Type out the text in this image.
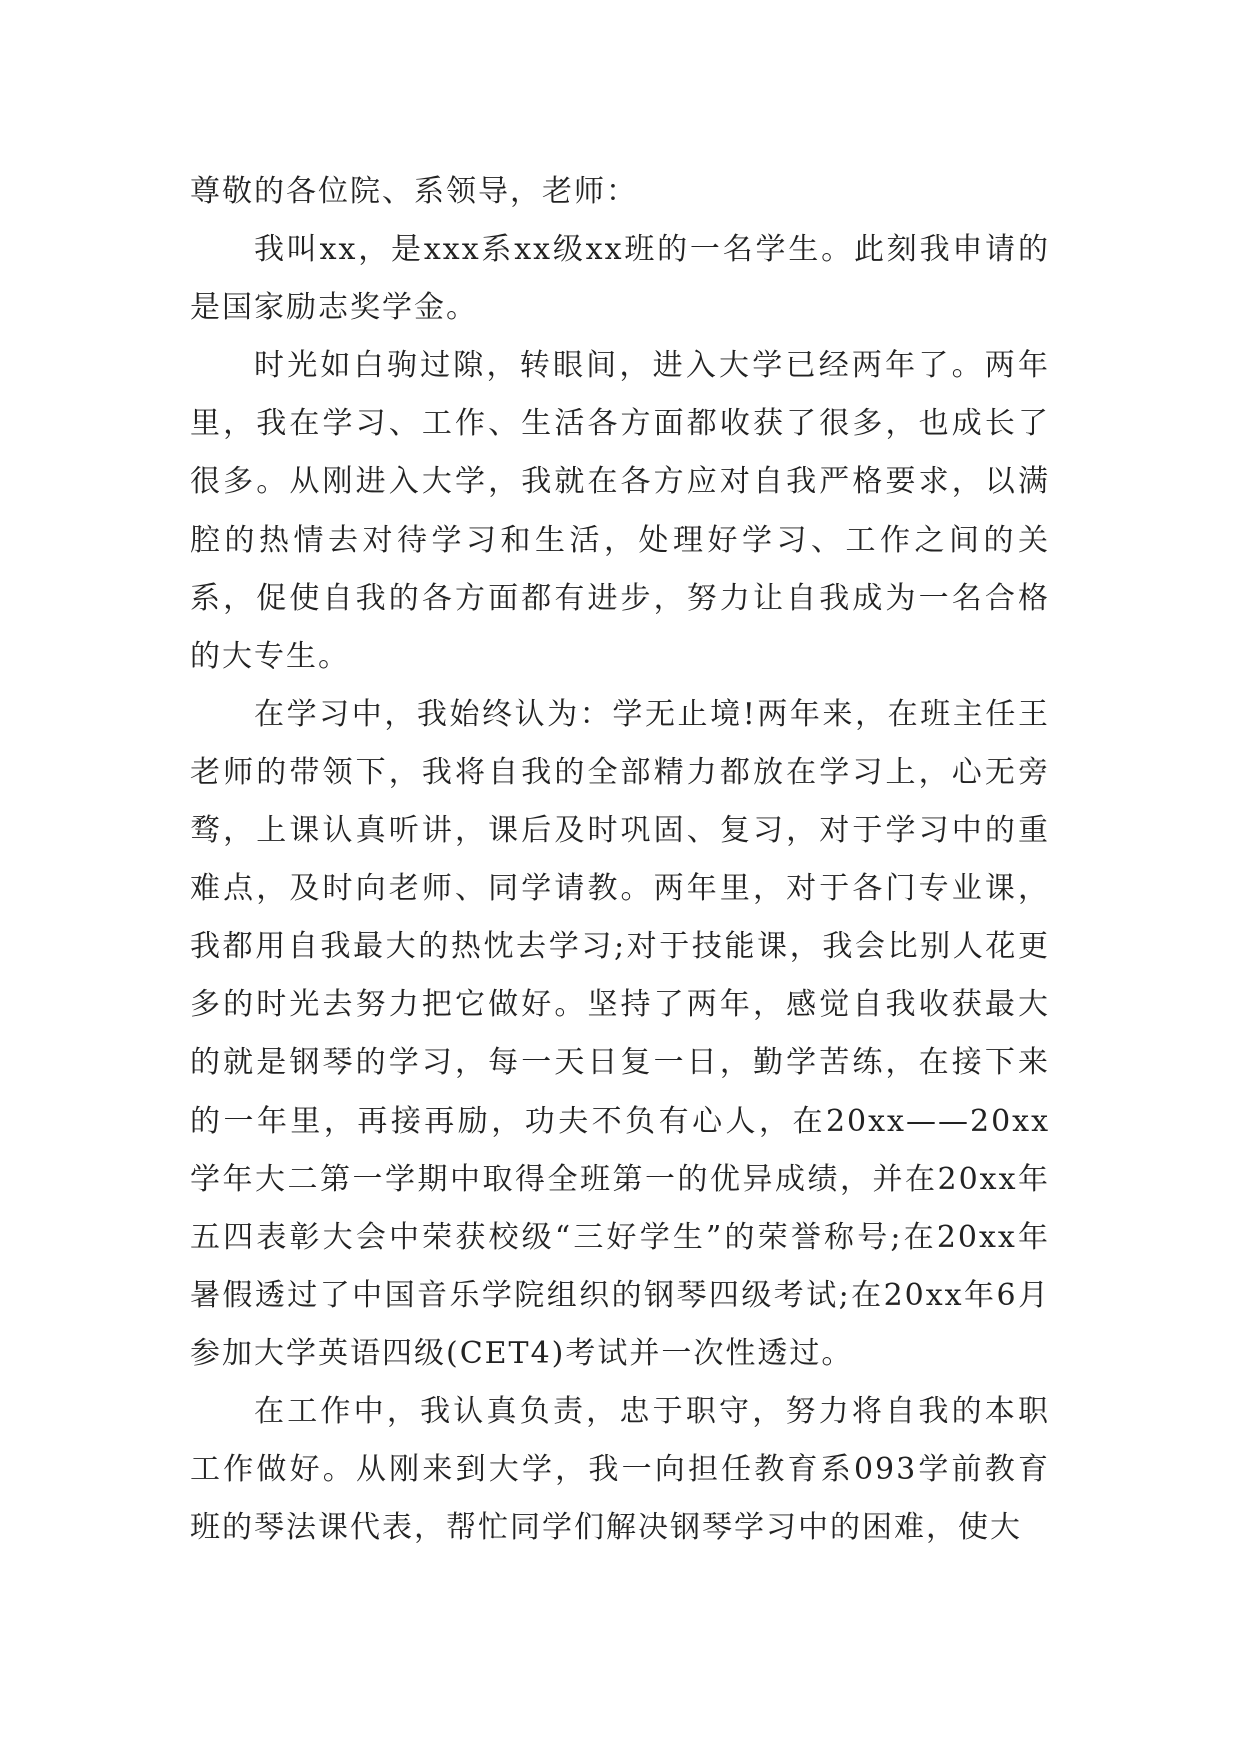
尊敬的各位院、系领导，老师：

我叫xx，是xxx系xx级xx班的一名学生。此刻我申请的是国家励志奖学金。

时光如白驹过隙，转眼间，进入大学已经两年了。两年里，我在学习、工作、生活各方面都收获了很多，也成长了很多。从刚进入大学，我就在各方应对自我严格要求，以满腔的热情去对待学习和生活，处理好学习、工作之间的关系，促使自我的各方面都有进步，努力让自我成为一名合格的大专生。

在学习中，我始终认为：学无止境!两年来，在班主任王老师的带领下，我将自我的全部精力都放在学习上，心无旁骛，上课认真听讲，课后及时巩固、复习，对于学习中的重难点，及时向老师、同学请教。两年里，对于各门专业课，我都用自我最大的热忱去学习;对于技能课，我会比别人花更多的时光去努力把它做好。坚持了两年，感觉自我收获最大的就是钢琴的学习，每一天日复一日，勤学苦练，在接下来的一年里，再接再励，功夫不负有心人，在20xx——20xx学年大二第一学期中取得全班第一的优异成绩，并在20xx年五四表彰大会中荣获校级“三好学生”的荣誉称号;在20xx年暑假透过了中国音乐学院组织的钢琴四级考试;在20xx年6月参加大学英语四级(CET4)考试并一次性透过。

在工作中，我认真负责，忠于职守，努力将自我的本职工作做好。从刚来到大学，我一向担任教育系093学前教育班的琴法课代表，帮忙同学们解决钢琴学习中的困难，使大
